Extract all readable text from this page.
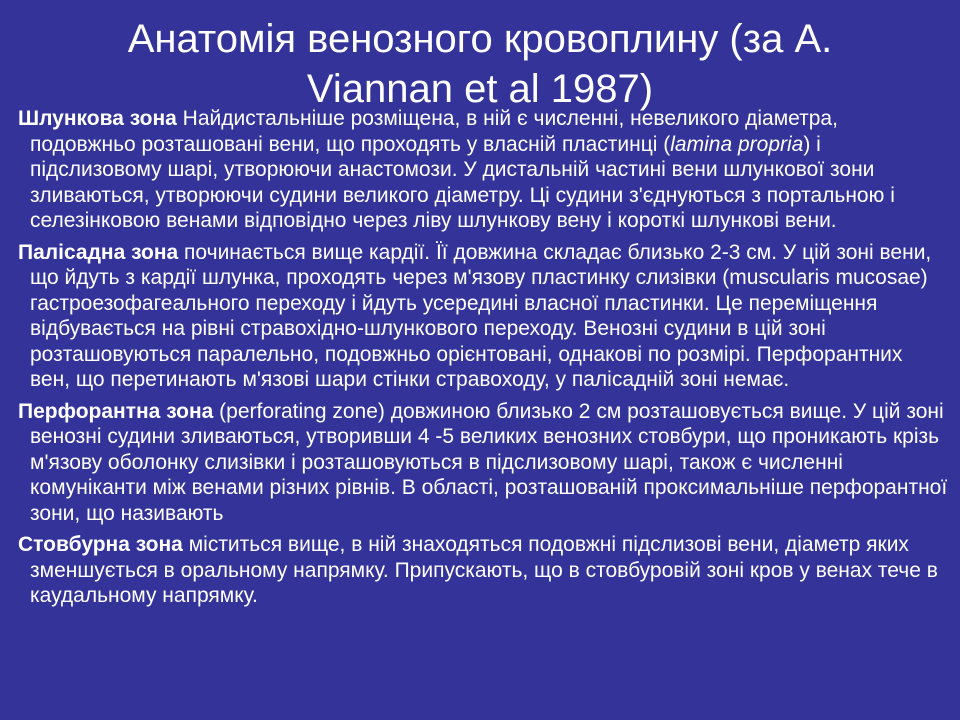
Анатомія венозного кровоплину (за А.
Viannan et al 1987)

Шлункова зона Найдистальніше розміщена, в ній є численні, невеликого діаметра, подовжньо розташовані вени, що проходять у власній пластинці (lamina propria) і підслизовому шарі, утворюючи анастомози. У дистальній частині вени шлункової зони зливаються, утворюючи судини великого діаметру. Ці судини з'єднуються з портальною і селезінковою венами відповідно через ліву шлункову вену і короткі шлункові вени.

Палісадна зона починається вище кардії. Її довжина складає близько 2-3 см. У цій зоні вени, що йдуть з кардії шлунка, проходять через м'язову пластинку слизівки (muscularis mucosae) гастроезофагеального переходу і йдуть усередині власної пластинки. Це переміщення відбувається на рівні стравохідно-шлункового переходу. Венозні судини в цій зоні розташовуються паралельно, подовжньо орієнтовані, однакові по розмірі. Перфорантних вен, що перетинають м'язові шари стінки стравоходу, у палісадній зоні немає.

Перфорантна зона (perforating zone) довжиною близько 2 см розташовується вище. У цій зоні венозні судини зливаються, утворивши 4 -5 великих венозних стовбури, що проникають крізь м'язову оболонку слизівки і розташовуються в підслизовому шарі, також є численні комуніканти між венами різних рівнів. В області, розташованій проксимальніше перфорантної зони, що називають

Стовбурна зона міститься вище, в ній знаходяться подовжні підслизові вени, діаметр яких зменшується в оральному напрямку. Припускають, що в стовбуровій зоні кров у венах тече в каудальному напрямку.
